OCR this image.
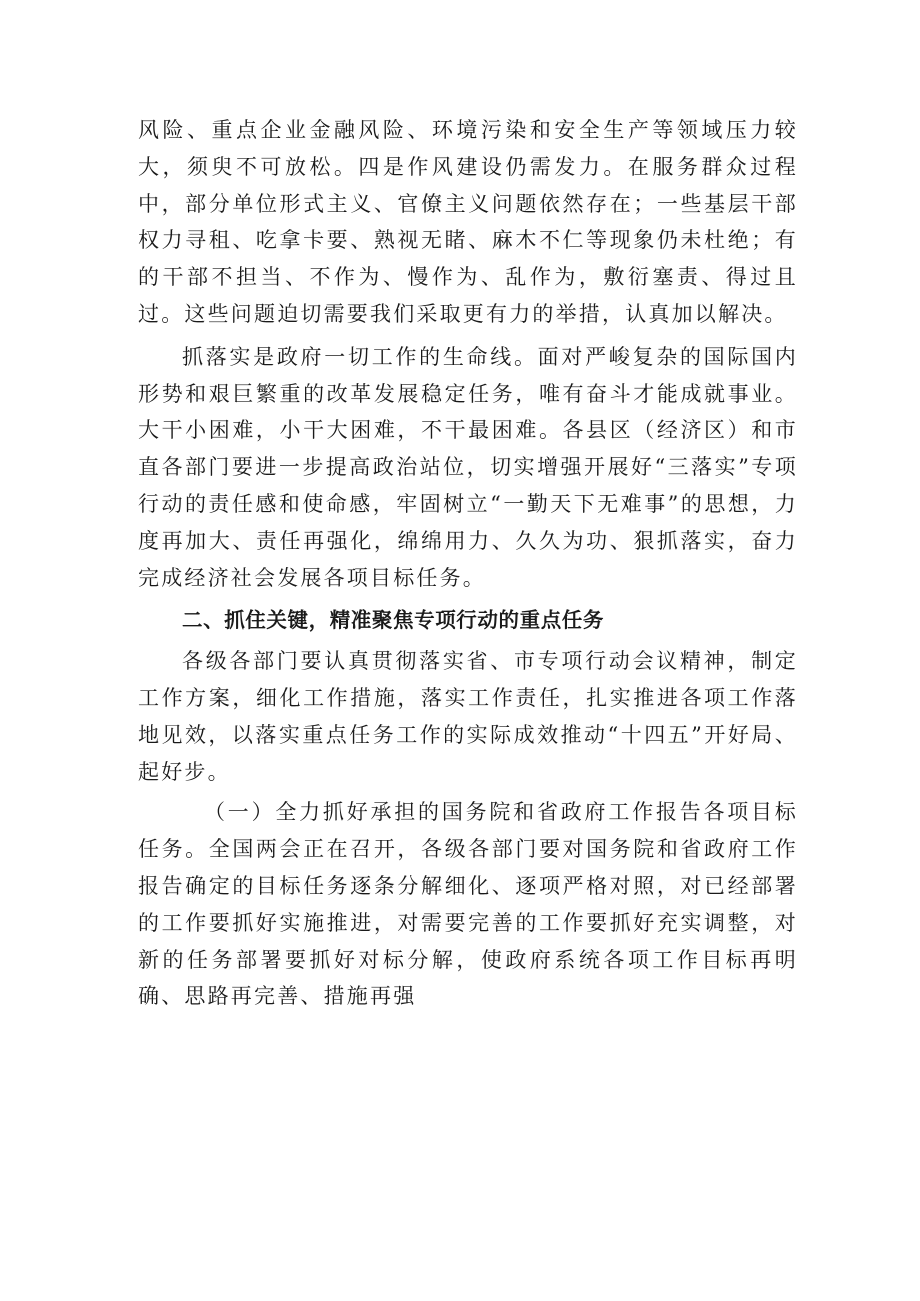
风险、重点企业金融风险、环境污染和安全生产等领域压力较大，须臾不可放松。四是作风建设仍需发力。在服务群众过程中，部分单位形式主义、官僚主义问题依然存在；一些基层干部权力寻租、吃拿卡要、熟视无睹、麻木不仁等现象仍未杜绝；有的干部不担当、不作为、慢作为、乱作为，敷衍塞责、得过且过。这些问题迫切需要我们采取更有力的举措，认真加以解决。

抓落实是政府一切工作的生命线。面对严峻复杂的国际国内形势和艰巨繁重的改革发展稳定任务，唯有奋斗才能成就事业。大干小困难，小干大困难，不干最困难。各县区（经济区）和市直各部门要进一步提高政治站位，切实增强开展好“三落实”专项行动的责任感和使命感，牢固树立“一勤天下无难事”的思想，力度再加大、责任再强化，绵绵用力、久久为功、狠抓落实，奋力完成经济社会发展各项目标任务。

二、抓住关键，精准聚焦专项行动的重点任务

各级各部门要认真贯彻落实省、市专项行动会议精神，制定工作方案，细化工作措施，落实工作责任，扎实推进各项工作落地见效，以落实重点任务工作的实际成效推动“十四五”开好局、起好步。

（一）全力抓好承担的国务院和省政府工作报告各项目标任务。全国两会正在召开，各级各部门要对国务院和省政府工作报告确定的目标任务逐条分解细化、逐项严格对照，对已经部署的工作要抓好实施推进，对需要完善的工作要抓好充实调整，对新的任务部署要抓好对标分解，使政府系统各项工作目标再明确、思路再完善、措施再强
